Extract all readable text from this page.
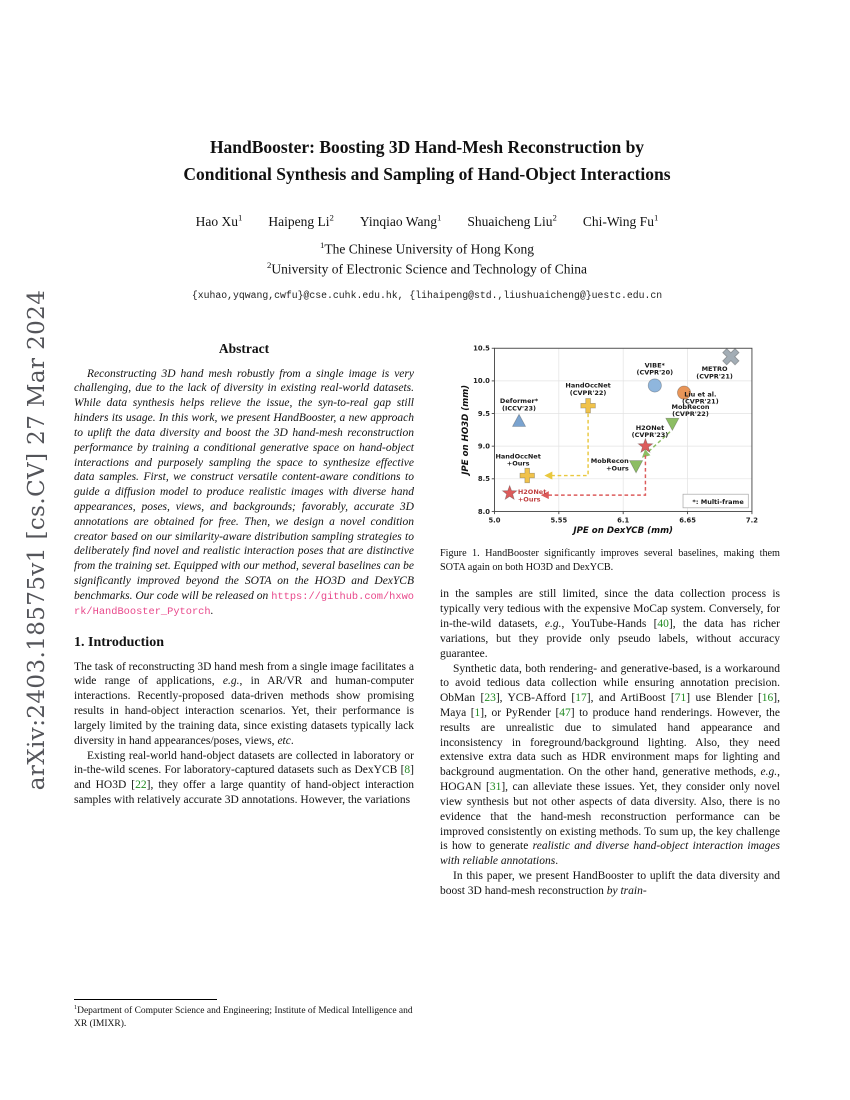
arXiv:2403.18575v1 [cs.CV] 27 Mar 2024
HandBooster: Boosting 3D Hand-Mesh Reconstruction by
Conditional Synthesis and Sampling of Hand-Object Interactions
Hao Xu$^1$ Haipeng Li$^2$ Yinqiao Wang$^1$ Shuaicheng Liu$^2$ Chi-Wing Fu$^1$
$^1$The Chinese University of Hong Kong
$^2$University of Electronic Science and Technology of China
{xuhao,yqwang,cwfu}@cse.cuhk.edu.hk, {lihaipeng@std.,liushuaicheng@}uestc.edu.cn
Abstract

Reconstructing 3D hand mesh robustly from a single image is very challenging, due to the lack of diversity in existing real-world datasets. While data synthesis helps relieve the issue, the syn-to-real gap still hinders its usage. In this work, we present HandBooster, a new approach to uplift the data diversity and boost the 3D hand-mesh reconstruction performance by training a conditional generative space on hand-object interactions and purposely sampling the space to synthesize effective data samples. First, we construct versatile content-aware conditions to guide a diffusion model to produce realistic images with diverse hand appearances, poses, views, and backgrounds; favorably, accurate 3D annotations are obtained for free. Then, we design a novel condition creator based on our similarity-aware distribution sampling strategies to deliberately find novel and realistic interaction poses that are distinctive from the training set. Equipped with our method, several baselines can be significantly improved beyond the SOTA on the HO3D and DexYCB benchmarks. Our code will be released on https://github.com/hxwork/HandBooster_Pytorch.

1. Introduction

The task of reconstructing 3D hand mesh from a single image facilitates a wide range of applications, e.g., in AR/VR and human-computer interactions. Recently-proposed data-driven methods show promising results in hand-object interaction scenarios. Yet, their performance is largely limited by the training data, since existing datasets typically lack diversity in hand appearances/poses, views, etc.

Existing real-world hand-object datasets are collected in laboratory or in-the-wild scenes. For laboratory-captured datasets such as DexYCB [8] and HO3D [22], they offer a large quantity of hand-object interaction samples with relatively accurate 3D annotations. However, the variations

$^1$Department of Computer Science and Engineering; Institute of Medical Intelligence and XR (IMIXR).
5.0	5.55	6.1	6.65	7.2
8.0
8.5
9.0
9.5
10.0
10.5
JPE on DexYCB (mm)
JPE on HO3D (mm)	Deformer*
(ICCV'23)
HandOccNet
(CVPR'22)
VIBE*
(CVPR'20)	METRO
(CVPR'21)
Liu et al.
(CVPR'21)
MobRecon
(CVPR'22)
H2ONet
(CVPR'23)
HandOccNet
+Ours	MobRecon
+Ours
H2ONet
+Ours	*: Multi-frame

Figure 1. HandBooster significantly improves several baselines, making them SOTA again on both HO3D and DexYCB.

in the samples are still limited, since the data collection process is typically very tedious with the expensive MoCap system. Conversely, for in-the-wild datasets, e.g., YouTube-Hands [40], the data has richer variations, but they provide only pseudo labels, without accuracy guarantee.

Synthetic data, both rendering- and generative-based, is a workaround to avoid tedious data collection while ensuring annotation precision. ObMan [23], YCB-Afford [17], and ArtiBoost [71] use Blender [16], Maya [1], or PyRender [47] to produce hand renderings. However, the results are unrealistic due to simulated hand appearance and inconsistency in foreground/background lighting. Also, they need extensive extra data such as HDR environment maps for lighting and background augmentation. On the other hand, generative methods, e.g., HOGAN [31], can alleviate these issues. Yet, they consider only novel view synthesis but not other aspects of data diversity. Also, there is no evidence that the hand-mesh reconstruction performance can be improved consistently on existing methods. To sum up, the key challenge is how to generate realistic and diverse hand-object interaction images with reliable annotations.

In this paper, we present HandBooster to uplift the data diversity and boost 3D hand-mesh reconstruction by train-
